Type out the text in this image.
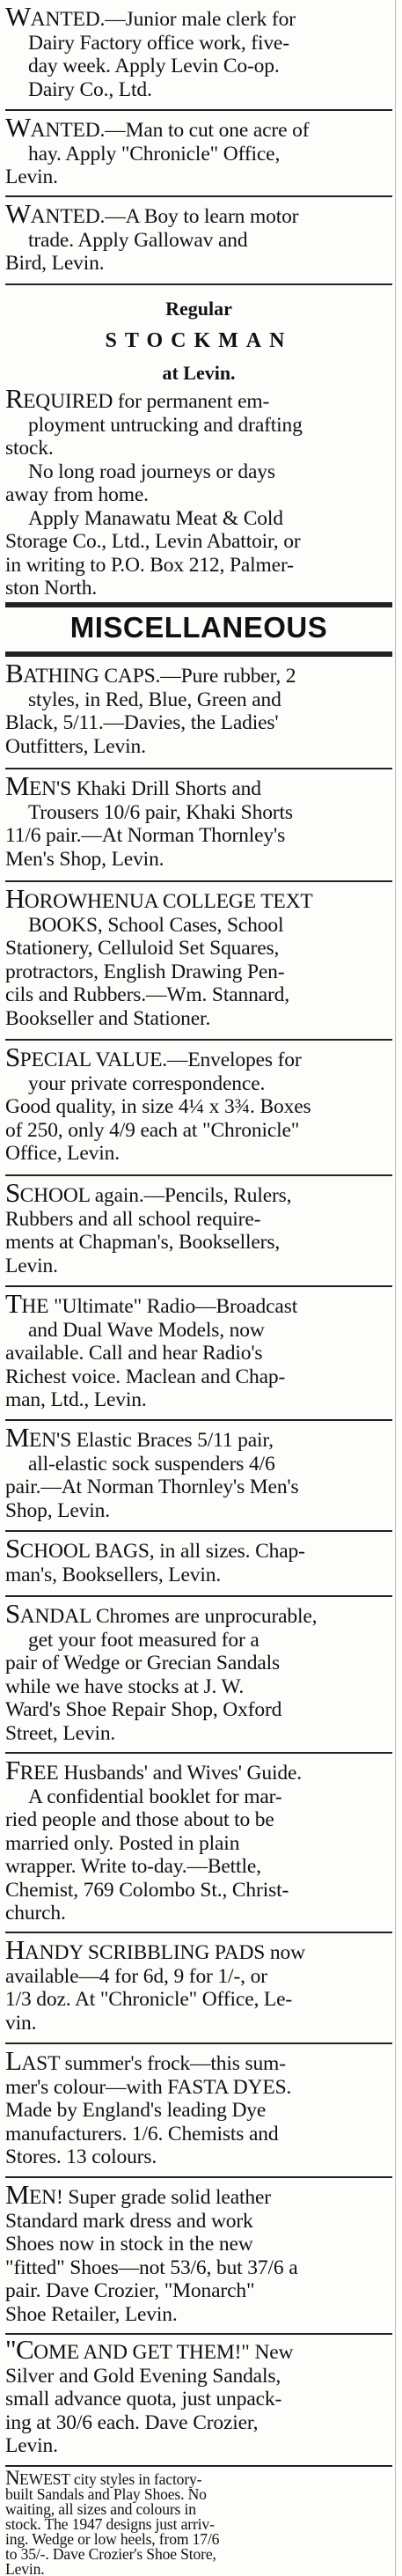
WANTED.—Junior male clerk for
Dairy Factory office work, five-
day week. Apply Levin Co-op.
Dairy Co., Ltd.
WANTED.—Man to cut one acre of
hay. Apply "Chronicle" Office,
Levin.
WANTED.—A Boy to learn motor
trade. Apply Gallowav and
Bird, Levin.
Regular
STOCKMAN
at Levin.
REQUIRED for permanent em-
ployment untrucking and drafting
stock.
No long road journeys or days
away from home.
Apply Manawatu Meat & Cold
Storage Co., Ltd., Levin Abattoir, or
in writing to P.O. Box 212, Palmer-
ston North.
MISCELLANEOUS
BATHING CAPS.—Pure rubber, 2
styles, in Red, Blue, Green and
Black, 5/11.—Davies, the Ladies'
Outfitters, Levin.
MEN'S Khaki Drill Shorts and
Trousers 10/6 pair, Khaki Shorts
11/6 pair.—At Norman Thornley's
Men's Shop, Levin.
HOROWHENUA COLLEGE TEXT
BOOKS, School Cases, School
Stationery, Celluloid Set Squares,
protractors, English Drawing Pen-
cils and Rubbers.—Wm. Stannard,
Bookseller and Stationer.
SPECIAL VALUE.—Envelopes for
your private correspondence.
Good quality, in size 4¼ x 3¾. Boxes
of 250, only 4/9 each at "Chronicle"
Office, Levin.
SCHOOL again.—Pencils, Rulers,
Rubbers and all school require-
ments at Chapman's, Booksellers,
Levin.
THE "Ultimate" Radio—Broadcast
and Dual Wave Models, now
available. Call and hear Radio's
Richest voice. Maclean and Chap-
man, Ltd., Levin.
MEN'S Elastic Braces 5/11 pair,
all-elastic sock suspenders 4/6
pair.—At Norman Thornley's Men's
Shop, Levin.
SCHOOL BAGS, in all sizes. Chap-
man's, Booksellers, Levin.
SANDAL Chromes are unprocurable,
get your foot measured for a
pair of Wedge or Grecian Sandals
while we have stocks at J. W.
Ward's Shoe Repair Shop, Oxford
Street, Levin.
FREE Husbands' and Wives' Guide.
A confidential booklet for mar-
ried people and those about to be
married only. Posted in plain
wrapper. Write to-day.—Bettle,
Chemist, 769 Colombo St., Christ-
church.
HANDY SCRIBBLING PADS now
available—4 for 6d, 9 for 1/-, or
1/3 doz. At "Chronicle" Office, Le-
vin.
LAST summer's frock—this sum-
mer's colour—with FASTA DYES.
Made by England's leading Dye
manufacturers. 1/6. Chemists and
Stores. 13 colours.
MEN! Super grade solid leather
Standard mark dress and work
Shoes now in stock in the new
"fitted" Shoes—not 53/6, but 37/6 a
pair. Dave Crozier, "Monarch"
Shoe Retailer, Levin.
"COME AND GET THEM!" New
Silver and Gold Evening Sandals,
small advance quota, just unpack-
ing at 30/6 each. Dave Crozier,
Levin.
NEWEST city styles in factory-
built Sandals and Play Shoes. No
waiting, all sizes and colours in
stock. The 1947 designs just arriv-
ing. Wedge or low heels, from 17/6
to 35/-. Dave Crozier's Shoe Store,
Levin.
